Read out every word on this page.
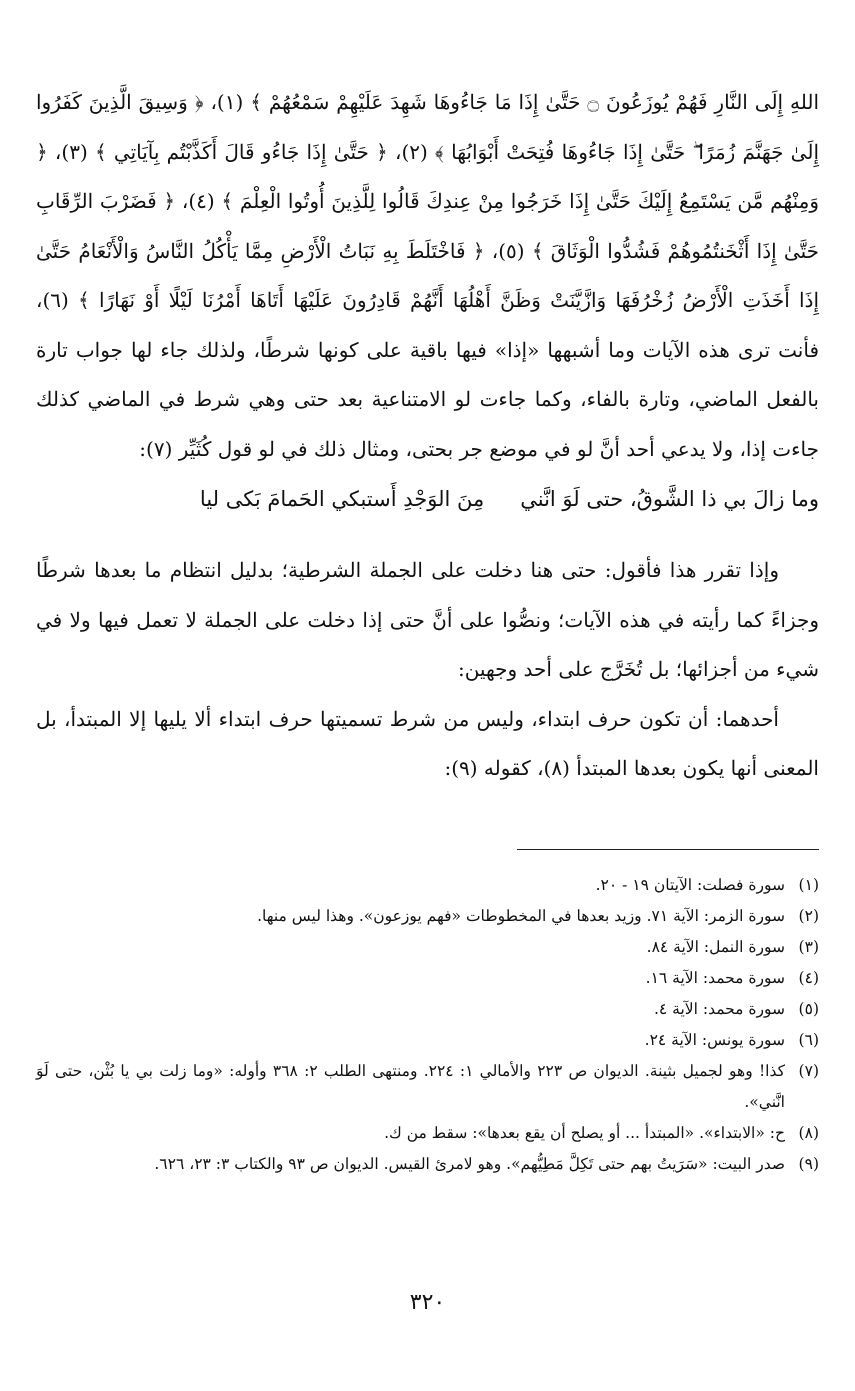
اللهِ إِلَى النَّارِ فَهُمْ يُوزَعُونَ ۝ حَتَّىٰ إِذَا مَا جَاءُوهَا شَهِدَ عَلَيْهِمْ سَمْعُهُمْ ﴾ (١)، ﴿ وَسِيقَ الَّذِينَ كَفَرُوا إِلَىٰ جَهَنَّمَ زُمَرًا ۖ حَتَّىٰ إِذَا جَاءُوهَا فُتِحَتْ أَبْوَابُهَا ﴾ (٢)، ﴿ حَتَّىٰ إِذَا جَاءُو قَالَ أَكَذَّبْتُم بِآيَاتِي ﴾ (٣)، ﴿ وَمِنْهُم مَّن يَسْتَمِعُ إِلَيْكَ حَتَّىٰ إِذَا خَرَجُوا مِنْ عِندِكَ قَالُوا لِلَّذِينَ أُوتُوا الْعِلْمَ ﴾ (٤)، ﴿ فَضَرْبَ الرِّقَابِ حَتَّىٰ إِذَا أَثْخَنتُمُوهُمْ فَشُدُّوا الْوَثَاقَ ﴾ (٥)، ﴿ فَاخْتَلَطَ بِهِ نَبَاتُ الْأَرْضِ مِمَّا يَأْكُلُ النَّاسُ وَالْأَنْعَامُ حَتَّىٰ إِذَا أَخَذَتِ الْأَرْضُ زُخْرُفَهَا وَازَّيَّنَتْ وَظَنَّ أَهْلُهَا أَنَّهُمْ قَادِرُونَ عَلَيْهَا أَتَاهَا أَمْرُنَا لَيْلًا أَوْ نَهَارًا ﴾ (٦)، فأنت ترى هذه الآيات وما أشبهها «إذا» فيها باقية على كونها شرطًا، ولذلك جاء لها جواب تارة بالفعل الماضي، وتارة بالفاء، وكما جاءت لو الامتناعية بعد حتى وهي شرط في الماضي كذلك جاءت إذا، ولا يدعي أحد أنَّ لو في موضع جر بحتى، ومثال ذلك في لو قول كُثَيِّر (٧):

وما زالَ بي ذا الشَّوقُ، حتى لَوَ انَّنيمِنَ الوَجْدِ أَستبكي الحَمامَ بَكى ليا

وإذا تقرر هذا فأقول: حتى هنا دخلت على الجملة الشرطية؛ بدليل انتظام ما بعدها شرطًا وجزاءً كما رأيته في هذه الآيات؛ ونصُّوا على أنَّ حتى إذا دخلت على الجملة لا تعمل فيها ولا في شيء من أجزائها؛ بل تُخَرَّج على أحد وجهين:

أحدهما: أن تكون حرف ابتداء، وليس من شرط تسميتها حرف ابتداء ألا يليها إلا المبتدأ، بل المعنى أنها يكون بعدها المبتدأ (٨)، كقوله (٩):

(١)
سورة فصلت: الآيتان ١٩ - ٢٠.
(٢)
سورة الزمر: الآية ٧١. وزيد بعدها في المخطوطات «فهم يوزعون». وهذا ليس منها.
(٣)
سورة النمل: الآية ٨٤.
(٤)
سورة محمد: الآية ١٦.
(٥)
سورة محمد: الآية ٤.
(٦)
سورة يونس: الآية ٢٤.
(٧)
كذا! وهو لجميل بثينة. الديوان ص ٢٢٣ والأمالي ١: ٢٢٤. ومنتهى الطلب ٢: ٣٦٨ وأوله: «وما زلت بي يا بُثْن، حتى لَوَ انَّني».
(٨)
ح: «الابتداء». «المبتدأ ... أو يصلح أن يقع بعدها»: سقط من ك.
(٩)
صدر البيت: «سَرَيتُ بهم حتى تَكِلَّ مَطِيُّهم». وهو لامرئ القيس. الديوان ص ٩٣ والكتاب ٣: ٢٣، ٦٢٦.
٣٢٠
